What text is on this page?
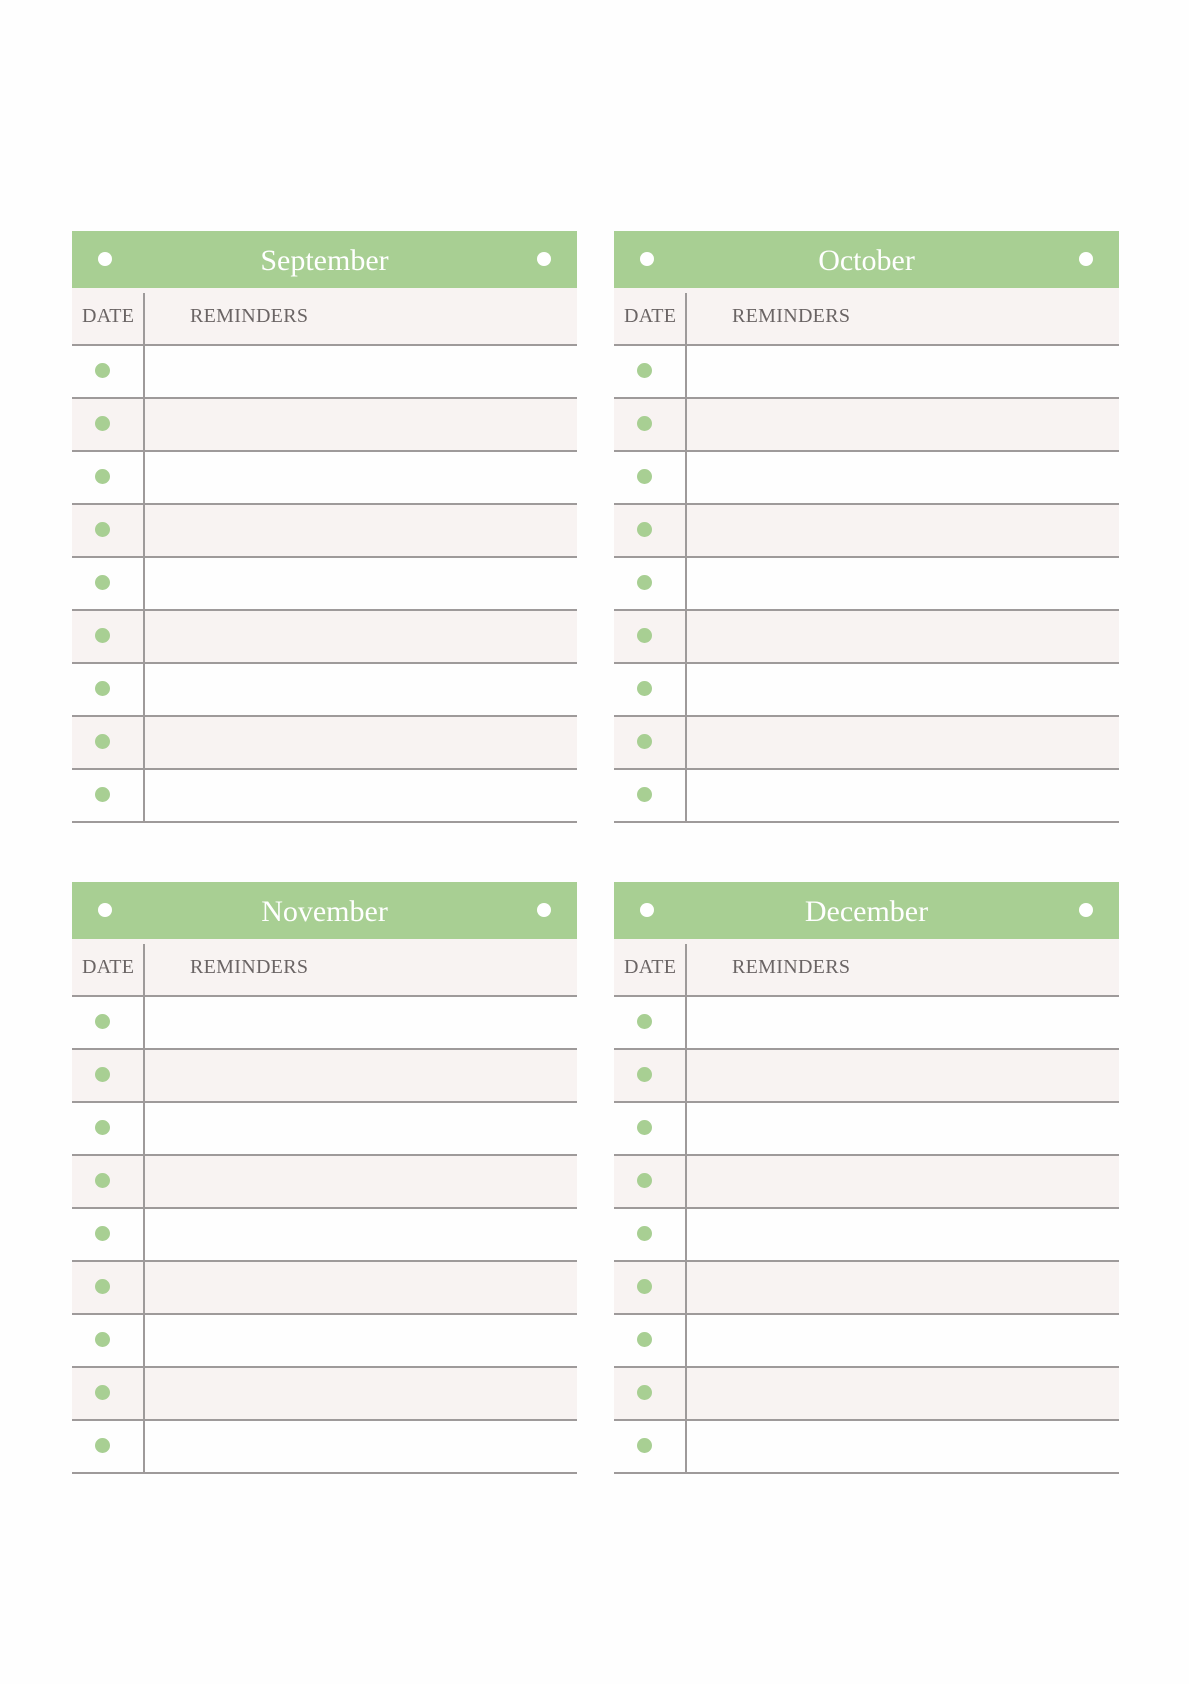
September
DATE	REMINDERS
October
DATE	REMINDERS
November
DATE	REMINDERS
December
DATE	REMINDERS
